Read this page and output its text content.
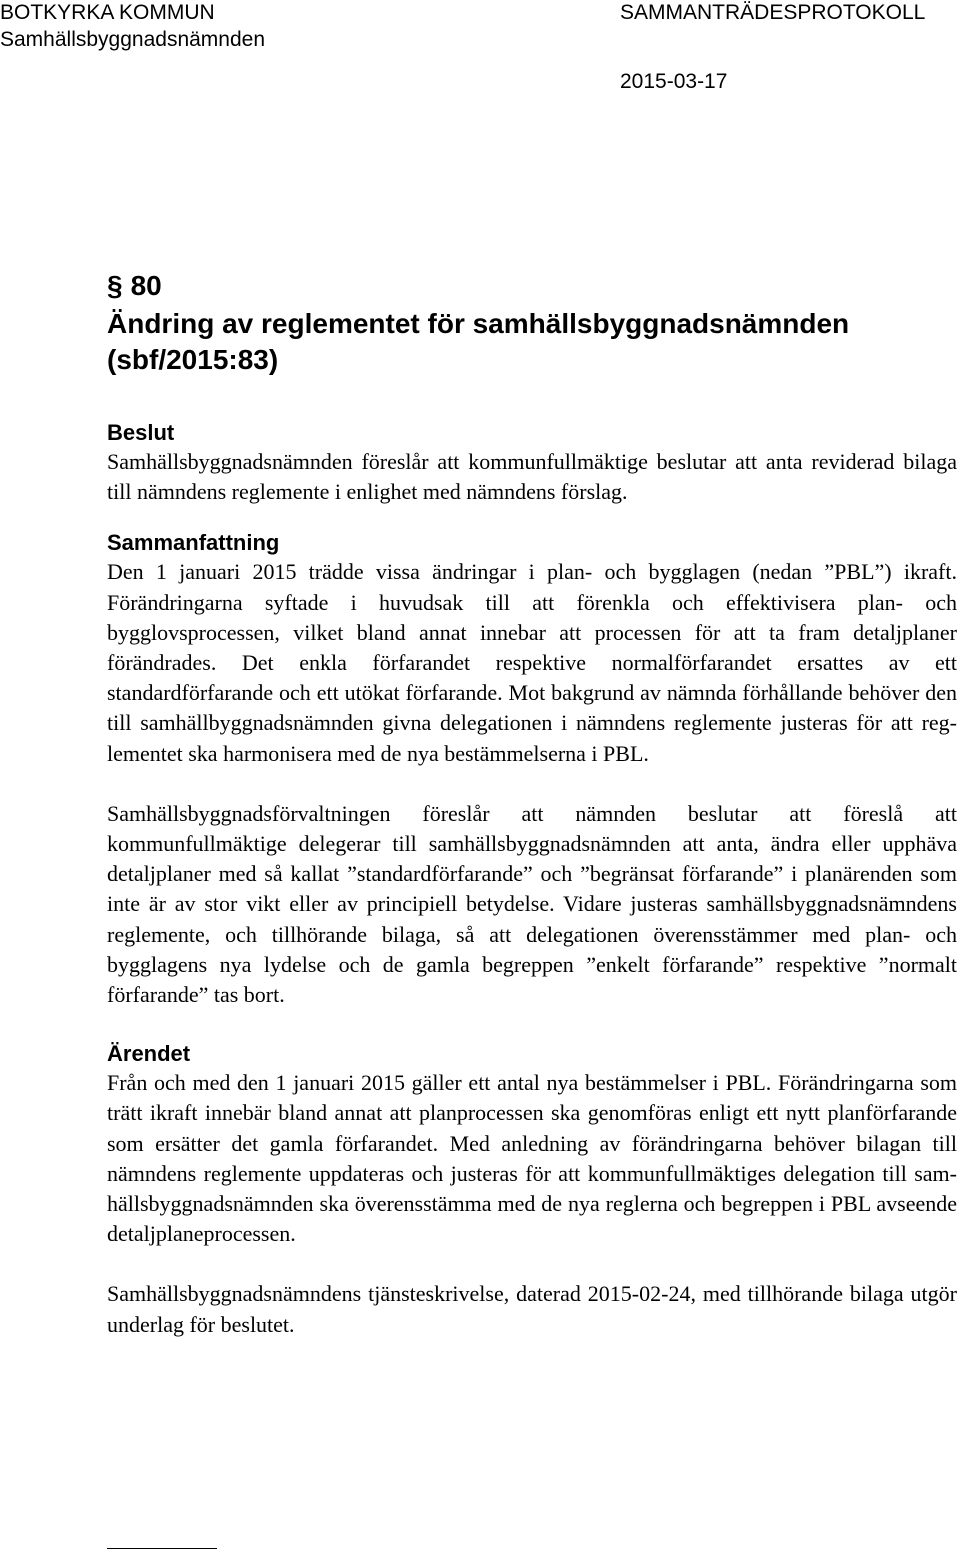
BOTKYRKA KOMMUN
Samhällsbyggnadsnämnden
SAMMANTRÄDESPROTOKOLL
2015-03-17
§ 80
Ändring av reglementet för samhällsbyggnadsnämnden
(sbf/2015:83)
Beslut

Samhällsbyggnadsnämnden föreslår att kommunfullmäktige beslutar att anta reviderad bilaga till nämndens reglemente i enlighet med nämndens förslag.

Sammanfattning

Den 1 januari 2015 trädde vissa ändringar i plan- och bygglagen (nedan ”PBL”) ikraft. Förändringarna syftade i huvudsak till att förenkla och effektivisera plan- och bygglovsprocessen, vilket bland annat innebar att processen för att ta fram detaljplaner förändrades. Det enkla förfarandet respektive normalförfarandet ersattes av ett standardförfarande och ett utökat förfarande. Mot bakgrund av nämnda förhållande behöver den till samhällbyggnadsnämnden givna delegationen i nämndens reglemente justeras för att reglementet ska harmonisera med de nya bestämmelserna i PBL.

Samhällsbyggnadsförvaltningen föreslår att nämnden beslutar att föreslå att kommunfullmäktige delegerar till samhällsbyggnadsnämnden att anta, ändra eller upphäva detaljplaner med så kallat ”standardförfarande” och ”begränsat förfarande” i planärenden som inte är av stor vikt eller av principiell betydelse. Vidare justeras samhällsbyggnadsnämndens reglemente, och tillhörande bilaga, så att delegationen överensstämmer med plan- och bygglagens nya lydelse och de gamla begreppen ”enkelt förfarande” respektive ”normalt förfarande” tas bort.

Ärendet

Från och med den 1 januari 2015 gäller ett antal nya bestämmelser i PBL. Förändringarna som trätt ikraft innebär bland annat att planprocessen ska genomföras enligt ett nytt planförfarande som ersätter det gamla förfarandet. Med anledning av förändringarna behöver bilagan till nämndens reglemente uppdateras och justeras för att kommunfullmäktiges delegation till samhällsbyggnadsnämnden ska överensstämma med de nya reglerna och begreppen i PBL avseende detaljplaneprocessen.

Samhällsbyggnadsnämndens tjänsteskrivelse, daterad 2015-02-24, med tillhörande bilaga utgör underlag för beslutet.
